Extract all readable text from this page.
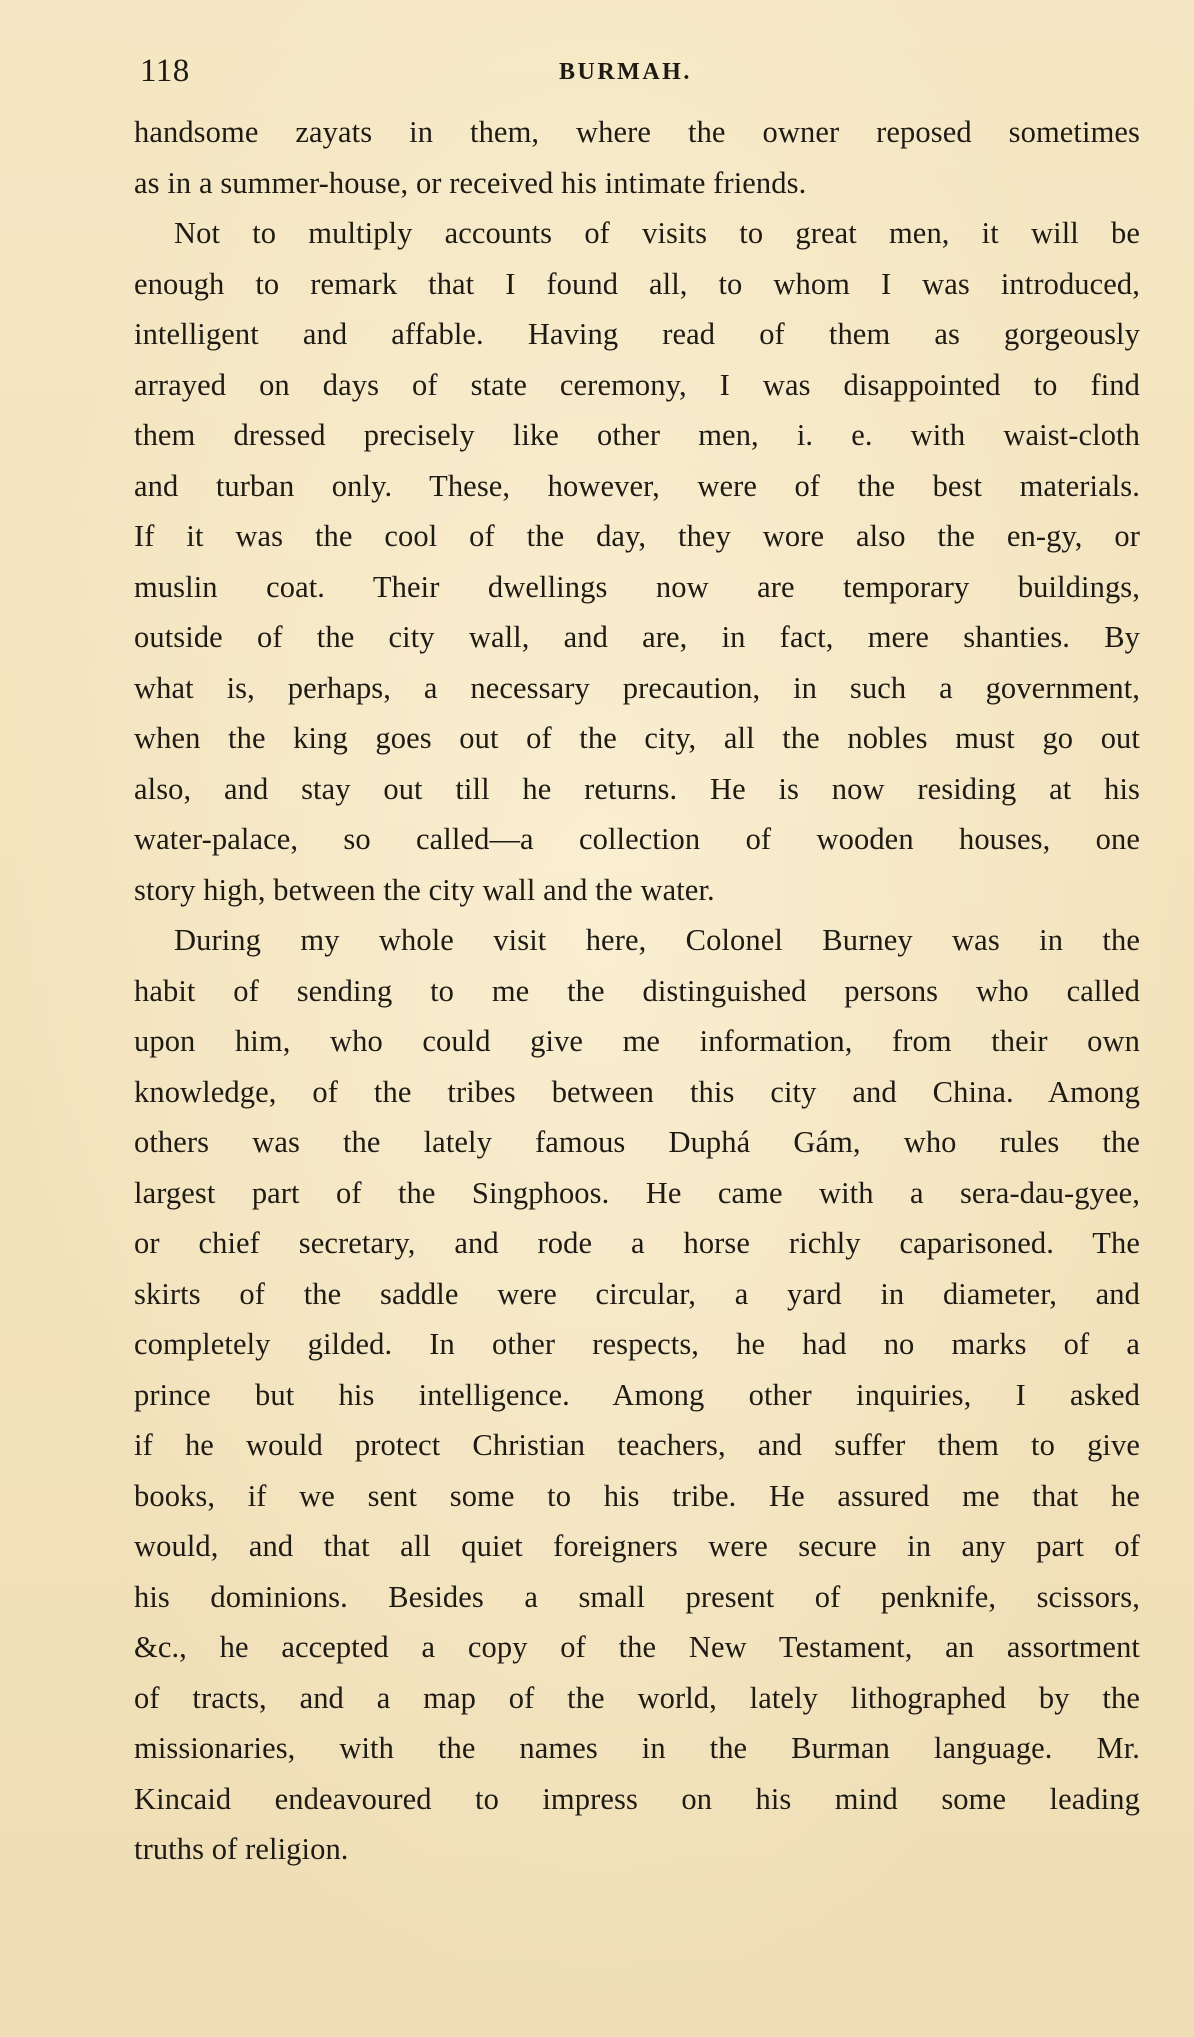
118	BURMAH.
handsome zayats in them, where the owner reposed sometimes
as in a summer-house, or received his intimate friends.
Not to multiply accounts of visits to great men, it will be
enough to remark that I found all, to whom I was introduced,
intelligent and affable. Having read of them as gorgeously
arrayed on days of state ceremony, I was disappointed to find
them dressed precisely like other men, i. e. with waist-cloth
and turban only. These, however, were of the best materials.
If it was the cool of the day, they wore also the en-gy, or
muslin coat. Their dwellings now are temporary buildings,
outside of the city wall, and are, in fact, mere shanties. By
what is, perhaps, a necessary precaution, in such a government,
when the king goes out of the city, all the nobles must go out
also, and stay out till he returns. He is now residing at his
water-palace, so called—a collection of wooden houses, one
story high, between the city wall and the water.
During my whole visit here, Colonel Burney was in the
habit of sending to me the distinguished persons who called
upon him, who could give me information, from their own
knowledge, of the tribes between this city and China. Among
others was the lately famous Duphá Gám, who rules the
largest part of the Singphoos. He came with a sera-dau-gyee,
or chief secretary, and rode a horse richly caparisoned. The
skirts of the saddle were circular, a yard in diameter, and
completely gilded. In other respects, he had no marks of a
prince but his intelligence. Among other inquiries, I asked
if he would protect Christian teachers, and suffer them to give
books, if we sent some to his tribe. He assured me that he
would, and that all quiet foreigners were secure in any part of
his dominions. Besides a small present of penknife, scissors,
&c., he accepted a copy of the New Testament, an assortment
of tracts, and a map of the world, lately lithographed by the
missionaries, with the names in the Burman language. Mr.
Kincaid endeavoured to impress on his mind some leading
truths of religion.
